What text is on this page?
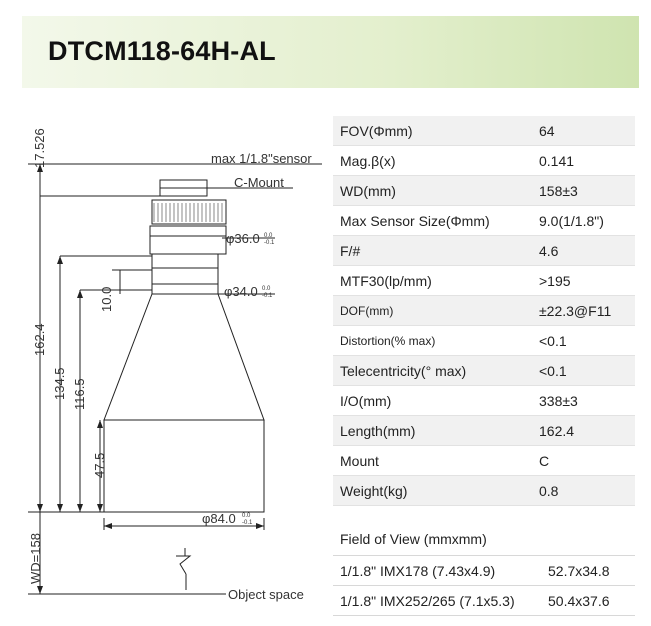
DTCM118-64H-AL
17.526
162.4
134.5 116.5
47.5
10.0
WD=158
max 1/1.8"sensor
C-Mount
φ36.0 0.0
-0.1
φ34.0 0.0
-0.1
φ84.0 0.0
-0.1
Object space
FOV(Φmm)	64
Mag.β(x)	0.141
WD(mm)	158±3
Max Sensor Size(Φmm)	9.0(1/1.8")
F/#	4.6
MTF30(lp/mm)	>195
DOF(mm)	±22.3@F11
Distortion(% max)	<0.1
Telecentricity(° max)	<0.1
I/O(mm)	338±3
Length(mm)	162.4
Mount	C
Weight(kg)	0.8
Field of View (mmxmm)
1/1.8" IMX178 (7.43x4.9)	52.7x34.8
1/1.8" IMX252/265 (7.1x5.3)	50.4x37.6
